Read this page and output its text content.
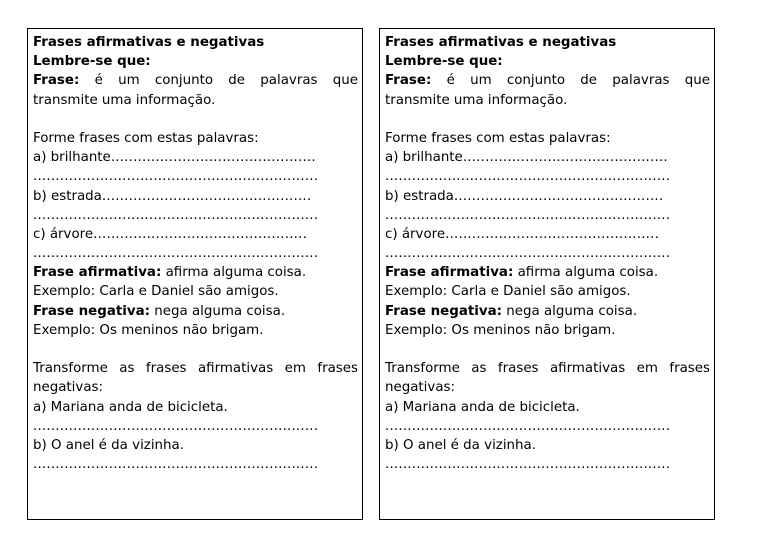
Frases afirmativas e negativas
Lembre-se que:
Frase: é um conjunto de palavras que transmite uma informação.
Forme frases com estas palavras:
a) brilhante..............................................
................................................................
b) estrada...............................................
................................................................
c) árvore................................................
................................................................
Frase afirmativa: afirma alguma coisa.
Exemplo: Carla e Daniel são amigos.
Frase negativa: nega alguma coisa.
Exemplo: Os meninos não brigam.
Transforme as frases afirmativas em frases negativas:
a) Mariana anda de bicicleta.
................................................................
b) O anel é da vizinha.
................................................................
Frases afirmativas e negativas
Lembre-se que:
Frase: é um conjunto de palavras que transmite uma informação.
Forme frases com estas palavras:
a) brilhante..............................................
................................................................
b) estrada...............................................
................................................................
c) árvore................................................
................................................................
Frase afirmativa: afirma alguma coisa.
Exemplo: Carla e Daniel são amigos.
Frase negativa: nega alguma coisa.
Exemplo: Os meninos não brigam.
Transforme as frases afirmativas em frases negativas:
a) Mariana anda de bicicleta.
................................................................
b) O anel é da vizinha.
................................................................
